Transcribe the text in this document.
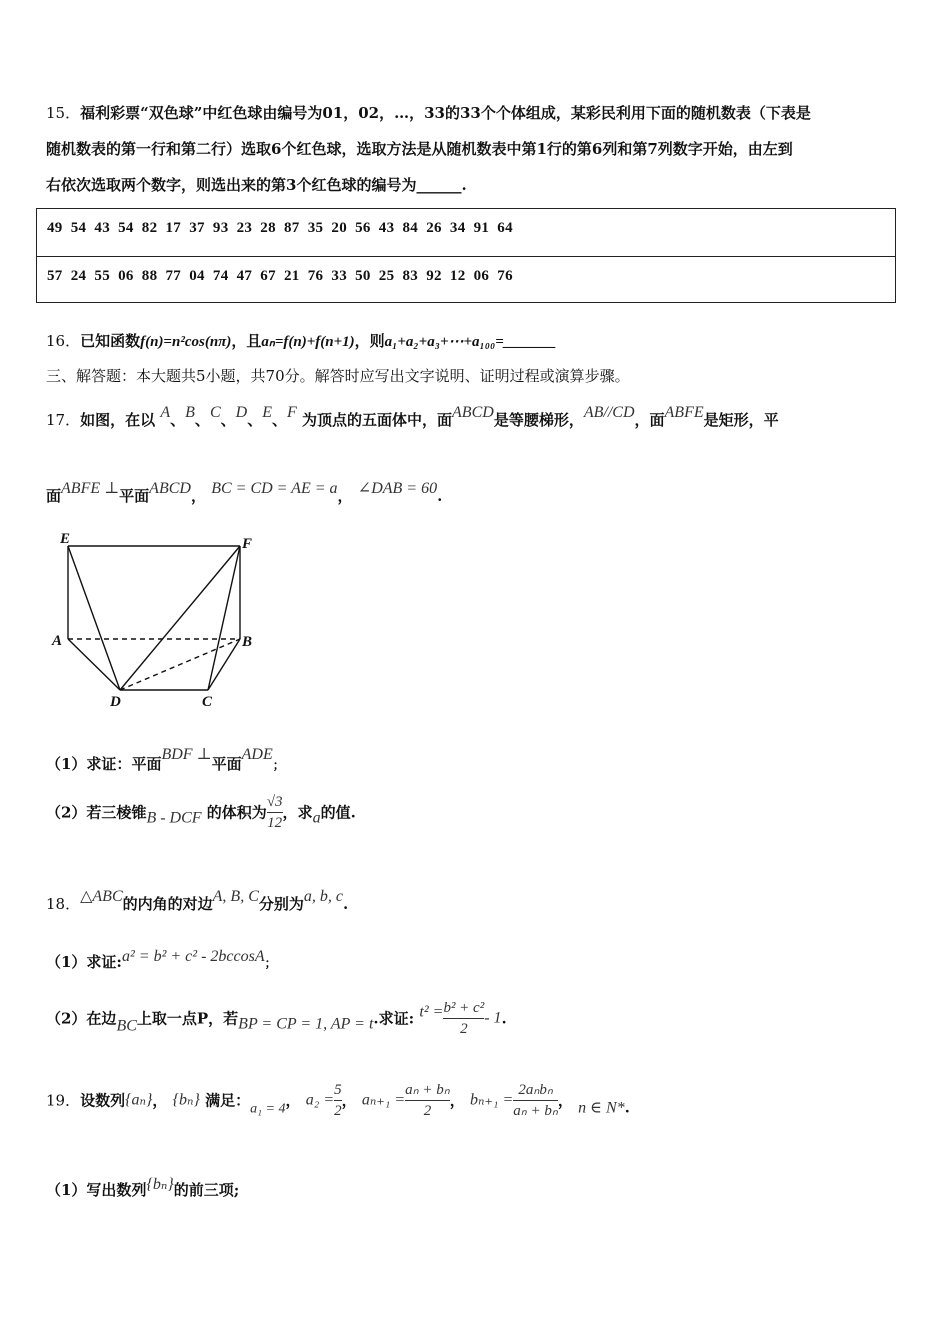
15．福利彩票“双色球”中红色球由编号为01，02，…，33的33个个体组成，某彩民利用下面的随机数表（下表是
随机数表的第一行和第二行）选取6个红色球，选取方法是从随机数表中第1行的第6列和第7列数字开始，由左到
右依次选取两个数字，则选出来的第3个红色球的编号为______.
49  54  43  54  82  17  37  93  23  28  87  35  20  56  43  84  26  34  91  64
57  24  55  06  88  77  04  74  47  67  21  76  33  50  25  83  92  12  06  76
16．已知函数f(n)=n²cos(nπ)，且aₙ=f(n)+f(n+1)，则a₁+a₂+a₃+⋯+a₁₀₀=_______
三、解答题：本大题共5小题，共70分。解答时应写出文字说明、证明过程或演算步骤。
17．如图，在以 A、B、C、D、E、F 为顶点的五面体中，面ABCD是等腰梯形，AB//CD，面ABFE是矩形，平
面ABFE ⊥平面ABCD， BC = CD = AE = a， ∠DAB = 60.
E	F
A	B
D	C
（1）求证：平面BDF ⊥平面ADE；
（2）若三棱锥B - DCF 的体积为 $\frac{√3}{12}$ ，求a的值.
18．△ABC的内角的对边A, B, C分别为a, b, c.
（1）求证:a² = b² + c² - 2bccosA；
（2）在边BC上取一点P，若BP = CP = 1, AP = t.求证: $t^2 = \frac{\text{b² + c²}}{2} - 1$.
19．设数列{aₙ}， {bₙ} 满足：a₁ = 4， $a_2 = \frac{5}{2}$ ， $a_{n+1} = \frac{\text{aₙ + bₙ}}{2}$ ， $b_{n+1} = \frac{\text{2aₙbₙ}}{\text{aₙ + bₙ}}$ ， n ∈ N*.
（1）写出数列{bₙ}的前三项;
